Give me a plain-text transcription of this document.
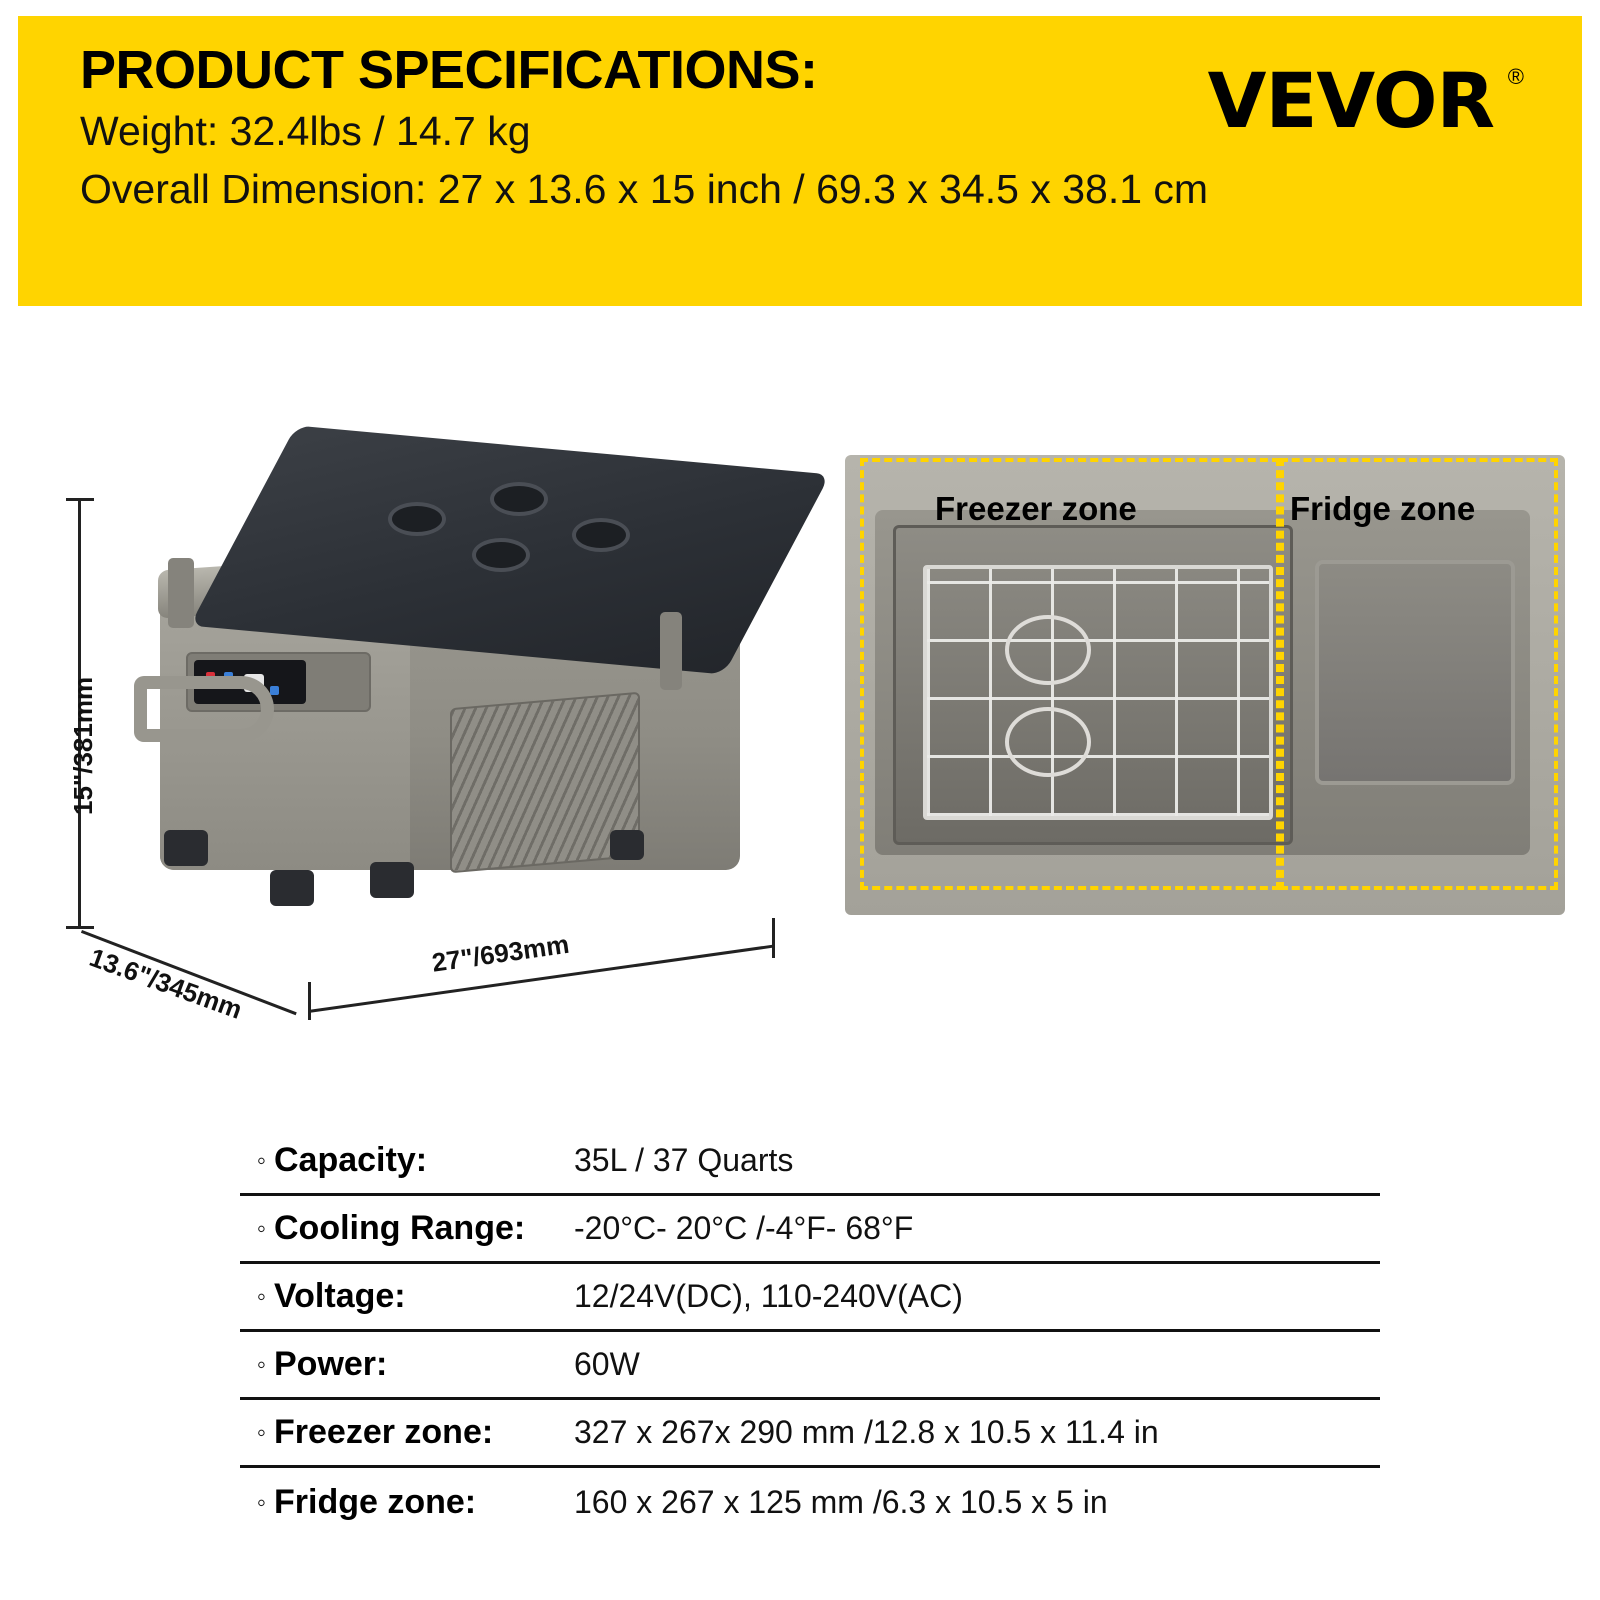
PRODUCT SPECIFICATIONS:
Weight: 32.4lbs / 14.7 kg
Overall Dimension: 27 x 13.6 x 15 inch / 69.3 x 34.5 x 38.1 cm
VEVOR ®
15"/381mm
13.6"/345mm	27"/693mm
Freezer zone	Fridge zone
◦ Capacity:	35L / 37 Quarts
◦ Cooling Range:	-20°C- 20°C /-4°F- 68°F
◦ Voltage:	12/24V(DC), 110-240V(AC)
◦ Power:	60W
◦ Freezer zone:	327 x 267x 290 mm /12.8 x 10.5 x 11.4 in
◦ Fridge zone:	160 x 267 x 125 mm /6.3 x 10.5 x 5 in
